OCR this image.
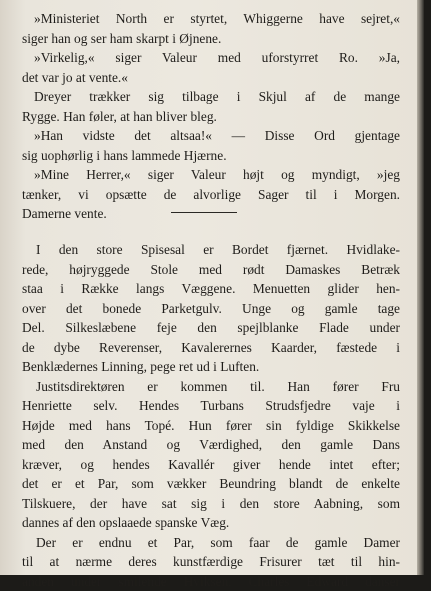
»Ministeriet North er styrtet, Whiggerne have sejret,«
siger han og ser ham skarpt i Øjnene.
»Virkelig,« siger Valeur med uforstyrret Ro. »Ja,
det var jo at vente.«
Dreyer trækker sig tilbage i Skjul af de mange
Rygge. Han føler, at han bliver bleg.
»Han vidste det altsaa!« — Disse Ord gjentage
sig uophørlig i hans lammede Hjærne.
»Mine Herrer,« siger Valeur højt og myndigt, »jeg
tænker, vi opsætte de alvorlige Sager til i Morgen.
Damerne vente.
I den store Spisesal er Bordet fjærnet. Hvidlake-
rede, højryggede Stole med rødt Damaskes Betræk
staa i Række langs Væggene. Menuetten glider hen-
over det bonede Parketgulv. Unge og gamle tage
Del. Silkeslæbene feje den spejlblanke Flade under
de dybe Reverenser, Kavalerernes Kaarder, fæstede i
Benklædernes Linning, pege ret ud i Luften.
Justitsdirektøren er kommen til. Han fører Fru
Henriette selv. Hendes Turbans Strudsfjedre vaje i
Højde med hans Topé. Hun fører sin fyldige Skikkelse
med den Anstand og Værdighed, den gamle Dans
kræver, og hendes Kavallér giver hende intet efter;
det er et Par, som vækker Beundring blandt de enkelte
Tilskuere, der have sat sig i den store Aabning, som
dannes af den opslaaede spanske Væg.
Der er endnu et Par, som faar de gamle Damer
til at nærme deres kunstfærdige Frisurer tæt til hin-
anden under smilende Hviksen. Charles Edward danser
